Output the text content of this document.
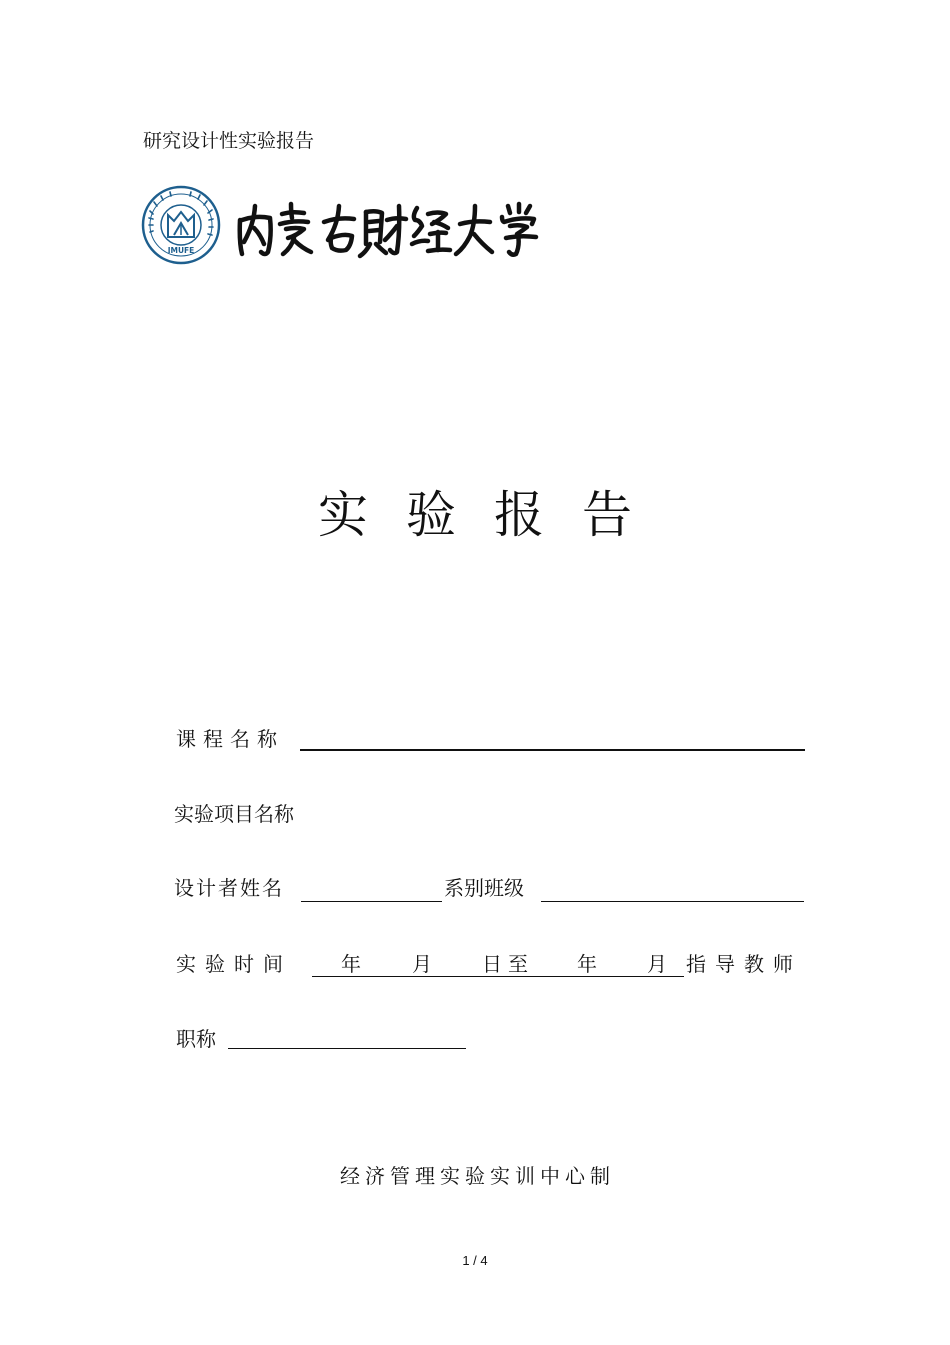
研究设计性实验报告
IMUFE
实验报告
课程名称
实验项目名称
设计者姓名	系别班级
实验时间 年	月	日 至 年	月 指导教师
职称
经济管理实验实训中心制
1 / 4
